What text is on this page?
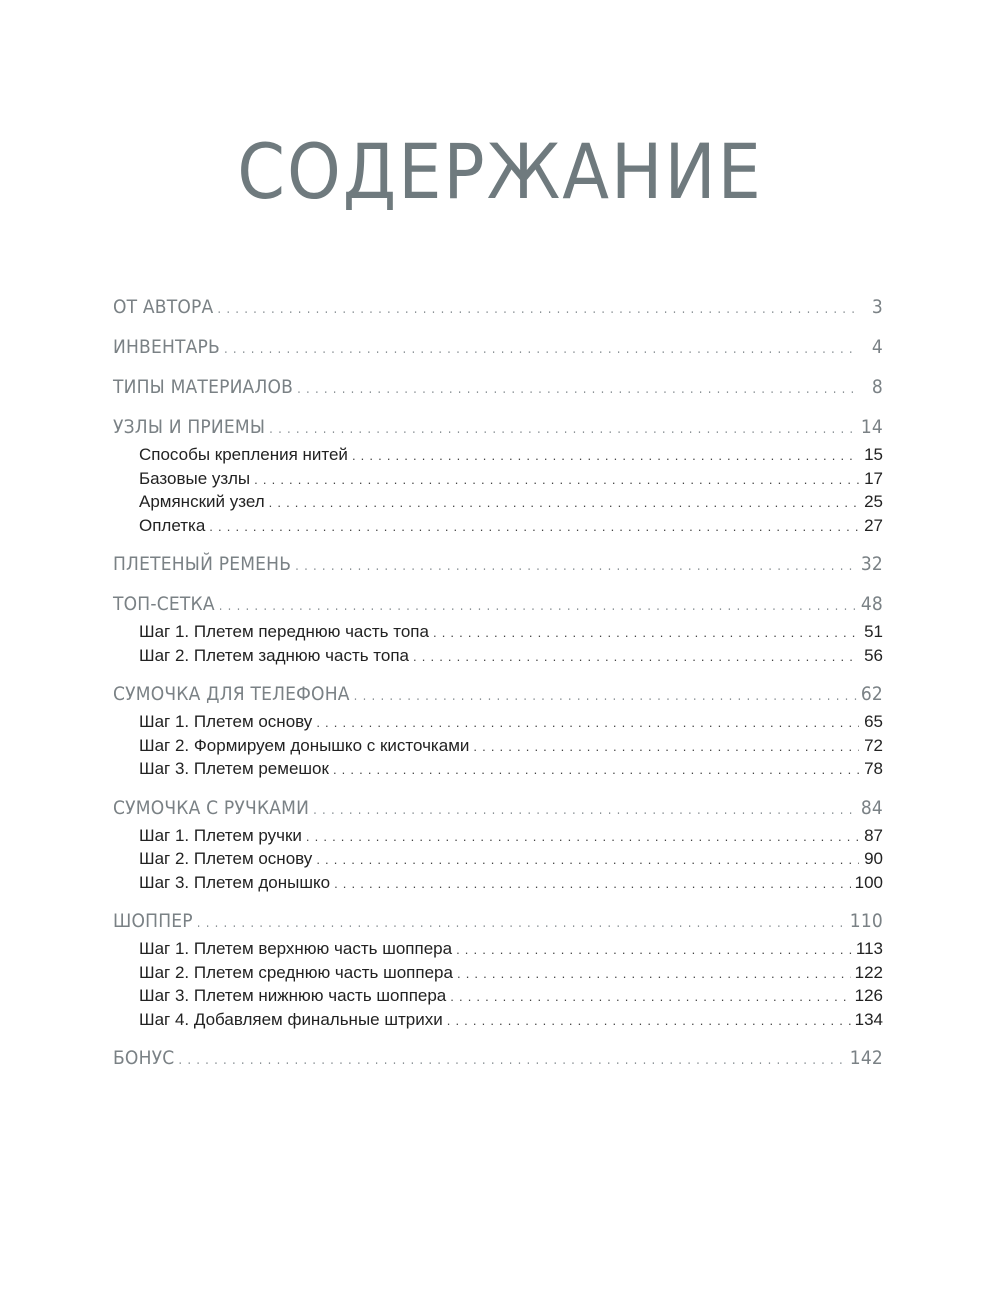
СОДЕРЖАНИЕ
ОТ АВТОРА . . .	3
ИНВЕНТАРЬ . . .	4
ТИПЫ МАТЕРИАЛОВ . . .	8
УЗЛЫ И ПРИЕМЫ . . .	14
Способы крепления нитей . . .	15
Базовые узлы . . .	17
Армянский узел . . .	25
Оплетка . . .	27
ПЛЕТЕНЫЙ РЕМЕНЬ . . .	32
ТОП-СЕТКА . . .	48
Шаг 1. Плетем переднюю часть топа . . .	51
Шаг 2. Плетем заднюю часть топа . . .	56
СУМОЧКА ДЛЯ ТЕЛЕФОНА . . .	62
Шаг 1. Плетем основу . . .	65
Шаг 2. Формируем донышко с кисточками . . .	72
Шаг 3. Плетем ремешок . . .	78
СУМОЧКА С РУЧКАМИ . . .	84
Шаг 1. Плетем ручки . . .	87
Шаг 2. Плетем основу . . .	90
Шаг 3. Плетем донышко . . .	100
ШОППЕР . . .	110
Шаг 1. Плетем верхнюю часть шоппера . . .	113
Шаг 2. Плетем среднюю часть шоппера . . .	122
Шаг 3. Плетем нижнюю часть шоппера . . .	126
Шаг 4. Добавляем финальные штрихи . . .	134
БОНУС . . .	142
